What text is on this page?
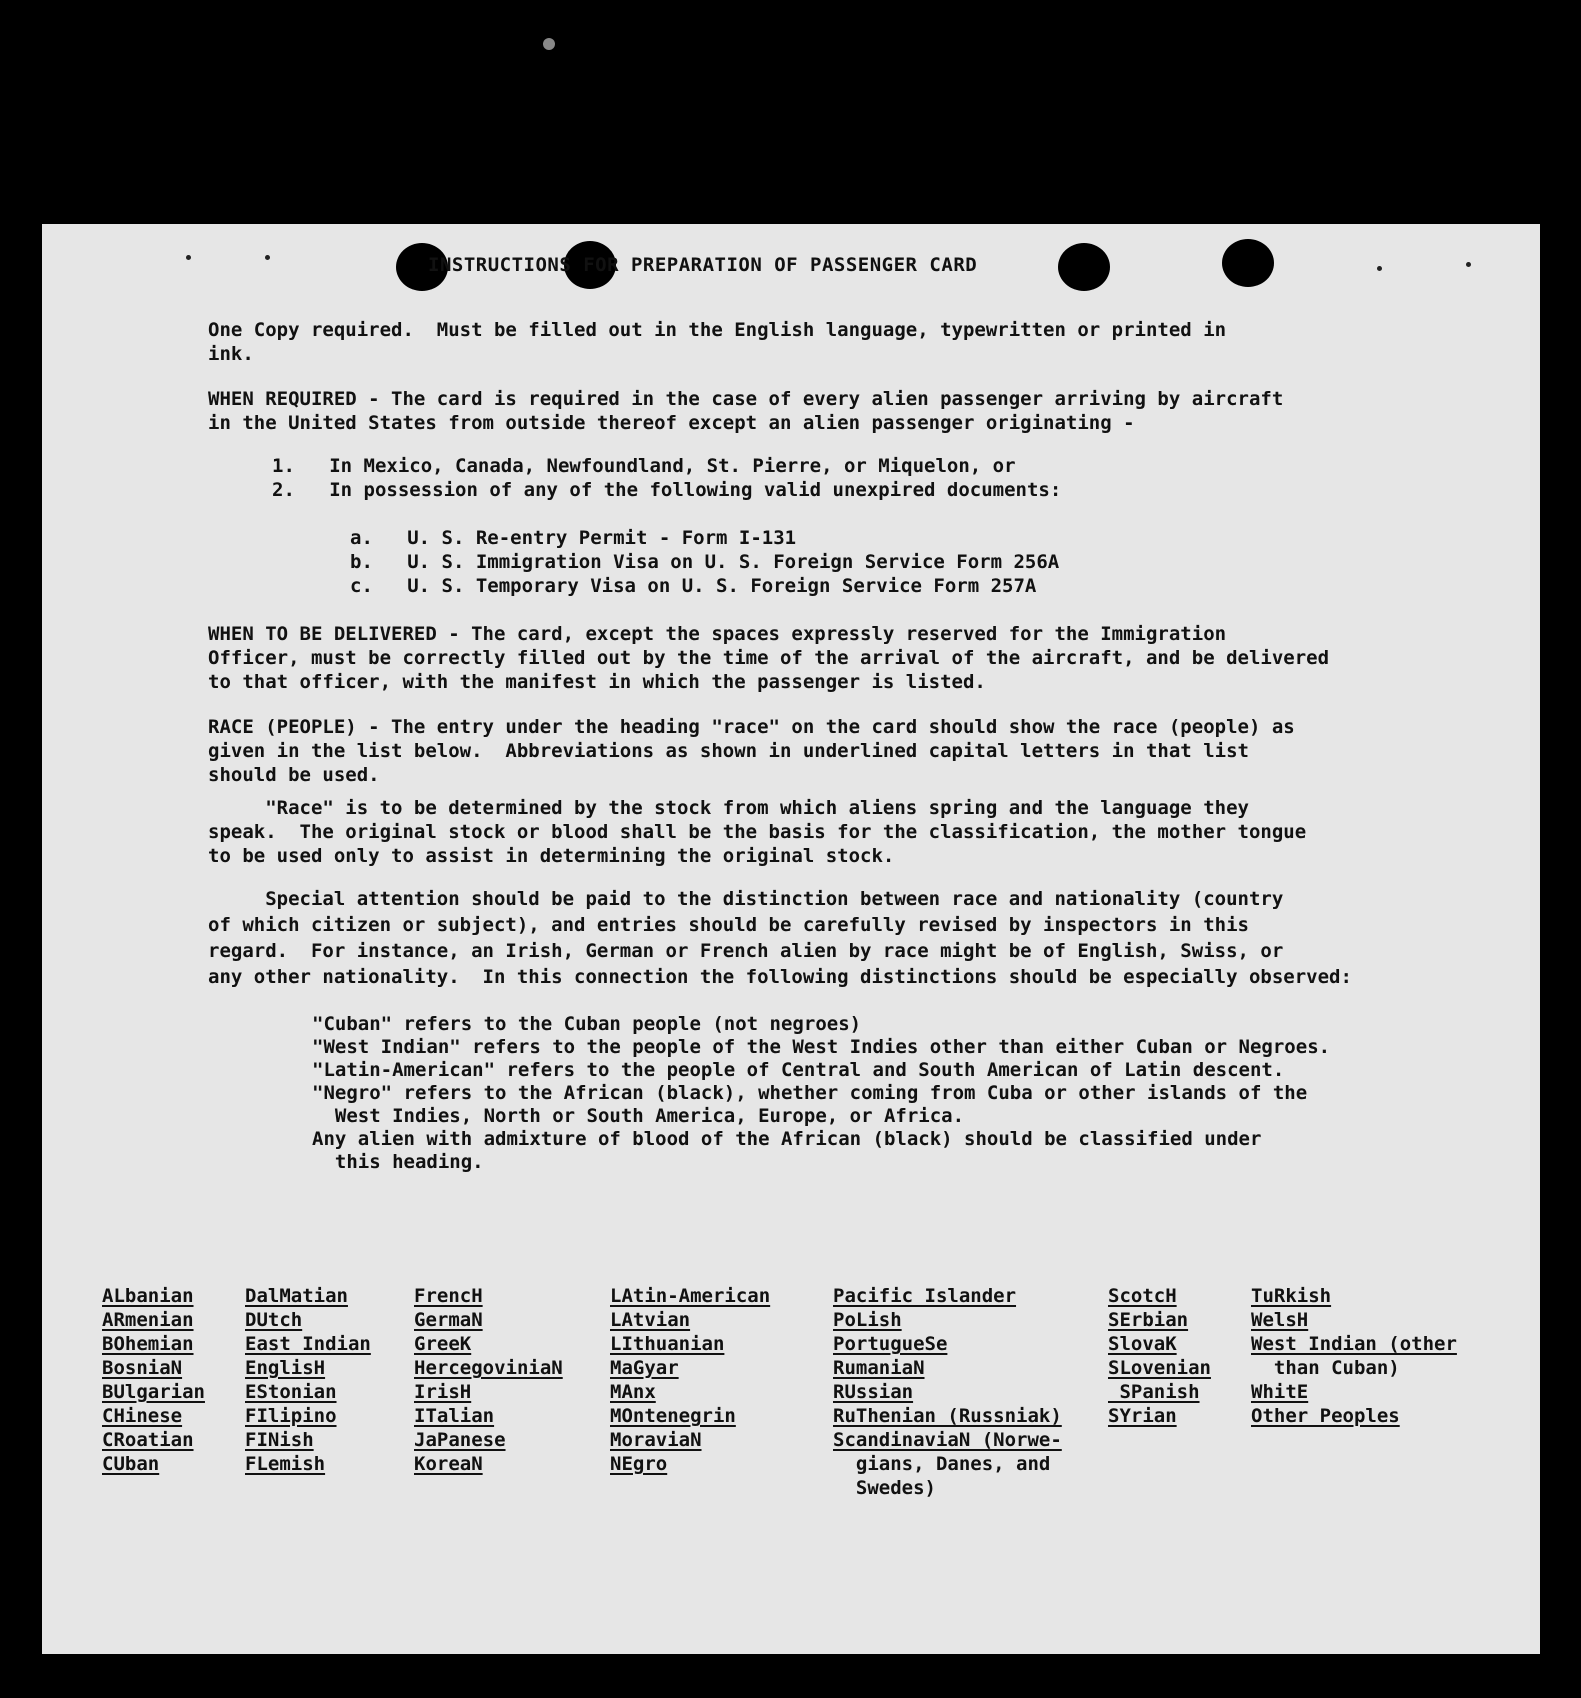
INSTRUCTIONS FOR PREPARATION OF PASSENGER CARD
One Copy required.  Must be filled out in the English language, typewritten or printed in
ink.
WHEN REQUIRED - The card is required in the case of every alien passenger arriving by aircraft
in the United States from outside thereof except an alien passenger originating -
1.   In Mexico, Canada, Newfoundland, St. Pierre, or Miquelon, or
2.   In possession of any of the following valid unexpired documents:
a.   U. S. Re-entry Permit - Form I-131
b.   U. S. Immigration Visa on U. S. Foreign Service Form 256A
c.   U. S. Temporary Visa on U. S. Foreign Service Form 257A
WHEN TO BE DELIVERED - The card, except the spaces expressly reserved for the Immigration
Officer, must be correctly filled out by the time of the arrival of the aircraft, and be delivered
to that officer, with the manifest in which the passenger is listed.
RACE (PEOPLE) - The entry under the heading "race" on the card should show the race (people) as
given in the list below.  Abbreviations as shown in underlined capital letters in that list
should be used.
"Race" is to be determined by the stock from which aliens spring and the language they
speak.  The original stock or blood shall be the basis for the classification, the mother tongue
to be used only to assist in determining the original stock.
Special attention should be paid to the distinction between race and nationality (country
of which citizen or subject), and entries should be carefully revised by inspectors in this
regard.  For instance, an Irish, German or French alien by race might be of English, Swiss, or
any other nationality.  In this connection the following distinctions should be especially observed:
"Cuban" refers to the Cuban people (not negroes)
"West Indian" refers to the people of the West Indies other than either Cuban or Negroes.
"Latin-American" refers to the people of Central and South American of Latin descent.
"Negro" refers to the African (black), whether coming from Cuba or other islands of the
West Indies, North or South America, Europe, or Africa.
Any alien with admixture of blood of the African (black) should be classified under
this heading.

ALbanian
ARmenian
BOhemian
BosniaN
BUlgarian
CHinese
CRoatian
CUban

DalMatian
DUtch
East Indian
EnglisH
EStonian
FIlipino
FINish
FLemish

FrencH
GermaN
GreeK
HercegoviniaN
IrisH
ITalian
JaPanese
KoreaN

LAtin-American
LAtvian
LIthuanian
MaGyar
MAnx
MOntenegrin
MoraviaN
NEgro

Pacific Islander
PoLish
PortugueSe
RumaniaN
RUssian
RuThenian (Russniak)
ScandinaviaN (Norwe-
gians, Danes, and
Swedes)

ScotcH
SErbian
SlovaK
SLovenian
SPanish
SYrian

TuRkish
WelsH
West Indian (other
than Cuban)
WhitE
Other Peoples
